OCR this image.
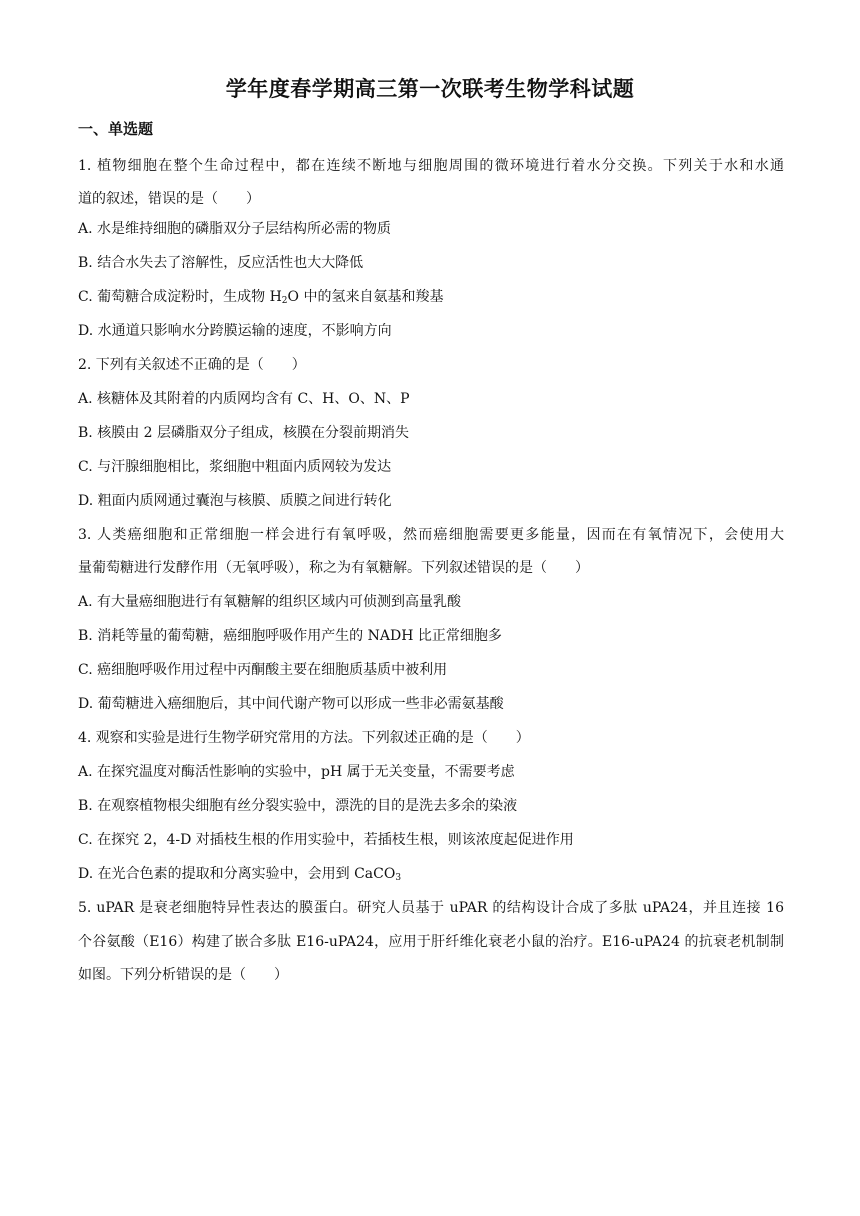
学年度春学期高三第一次联考生物学科试题
一、单选题
1. 植物细胞在整个生命过程中，都在连续不断地与细胞周围的微环境进行着水分交换。下列关于水和水通
道的叙述，错误的是（　　）
A. 水是维持细胞的磷脂双分子层结构所必需的物质
B. 结合水失去了溶解性，反应活性也大大降低
C. 葡萄糖合成淀粉时，生成物 $H_2O$ 中的氢来自氨基和羧基
D. 水通道只影响水分跨膜运输的速度，不影响方向
2. 下列有关叙述不正确的是（　　）
A. 核糖体及其附着的内质网均含有 C、H、O、N、P
B. 核膜由 2 层磷脂双分子组成，核膜在分裂前期消失
C. 与汗腺细胞相比，浆细胞中粗面内质网较为发达
D. 粗面内质网通过囊泡与核膜、质膜之间进行转化
3. 人类癌细胞和正常细胞一样会进行有氧呼吸，然而癌细胞需要更多能量，因而在有氧情况下，会使用大
量葡萄糖进行发酵作用（无氧呼吸），称之为有氧糖解。下列叙述错误的是（　　）
A. 有大量癌细胞进行有氧糖解的组织区域内可侦测到高量乳酸
B. 消耗等量的葡萄糖，癌细胞呼吸作用产生的 NADH 比正常细胞多
C. 癌细胞呼吸作用过程中丙酮酸主要在细胞质基质中被利用
D. 葡萄糖进入癌细胞后，其中间代谢产物可以形成一些非必需氨基酸
4. 观察和实验是进行生物学研究常用的方法。下列叙述正确的是（　　）
A. 在探究温度对酶活性影响的实验中，pH 属于无关变量，不需要考虑
B. 在观察植物根尖细胞有丝分裂实验中，漂洗的目的是洗去多余的染液
C. 在探究 2，4-D 对插枝生根的作用实验中，若插枝生根，则该浓度起促进作用
D. 在光合色素的提取和分离实验中，会用到 CaCO$_3$
5. uPAR 是衰老细胞特异性表达的膜蛋白。研究人员基于 uPAR 的结构设计合成了多肽 uPA24，并且连接 16
个谷氨酸（E16）构建了嵌合多肽 E16-uPA24，应用于肝纤维化衰老小鼠的治疗。E16-uPA24 的抗衰老机制制
如图。下列分析错误的是（　　）
